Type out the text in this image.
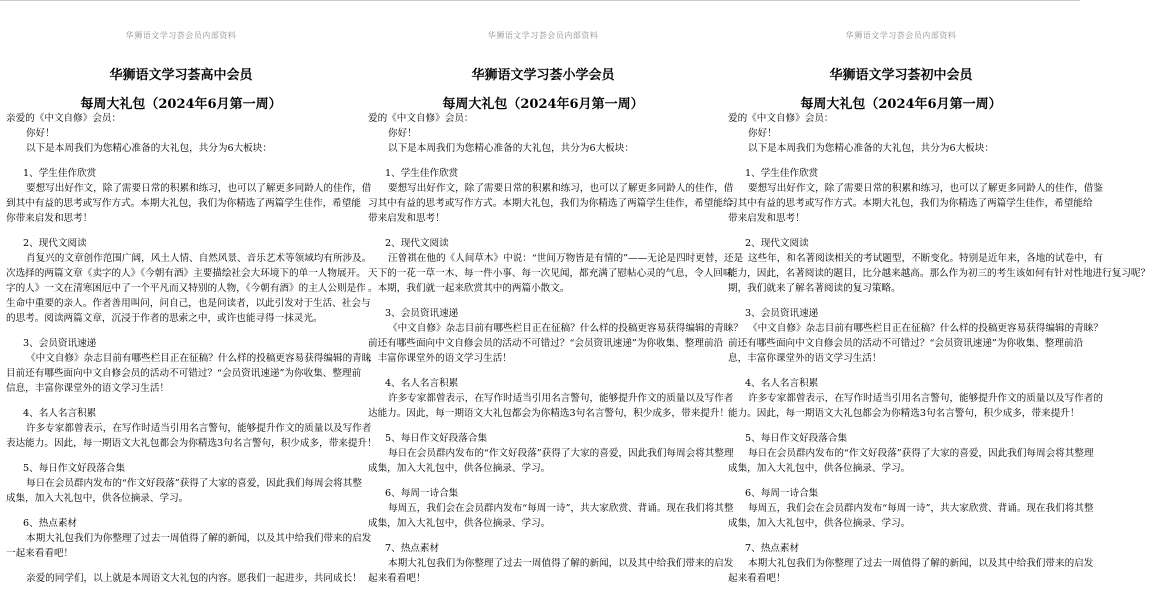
华狮语文学习荟会员内部资料
华狮语文学习荟高中会员
每周大礼包（2024年6月第一周）
亲爱的《中文自修》会员：
你好！
以下是本周我们为您精心准备的大礼包，共分为6大板块：
1、学生佳作欣赏
要想写出好作文，除了需要日常的积累和练习，也可以了解更多同龄人的佳作，借
到其中有益的思考或写作方式。本期大礼包，我们为你精选了两篇学生佳作，希望能
你带来启发和思考！
2、现代文阅读
肖复兴的文章创作范围广阔，风土人情、自然风景、音乐艺术等领域均有所涉及。
次选择的两篇文章《卖字的人》《今朝有酒》主要描绘社会大环境下的单一人物展开。
字的人》一文在清寒困厄中了一个平凡而又特别的人物，《今朝有酒》的主人公则是作
生命中重要的亲人。作者善用叫问，问自己，也是问读者，以此引发对于生活、社会与
的思考。阅读两篇文章，沉浸于作者的思索之中，或许也能寻得一抹灵光。
3、会员资讯速递
《中文自修》杂志目前有哪些栏目正在征稿？什么样的投稿更容易获得编辑的青睐
目前还有哪些面向中文自修会员的活动不可错过？“会员资讯速递”为你收集、整理前
信息，丰富你课堂外的语文学习生活！
4、名人名言积累
许多专家都曾表示，在写作时适当引用名言警句，能够提升作文的质量以及写作者
表达能力。因此，每一期语文大礼包都会为你精选3句名言警句，积少成多，带来提升！
5、每日作文好段落合集
每日在会员群内发布的“作文好段落”获得了大家的喜爱，因此我们每周会将其整
成集，加入大礼包中，供各位摘录、学习。
6、热点素材
本期大礼包我们为你整理了过去一周值得了解的新闻，以及其中给我们带来的启发
一起来看看吧！
亲爱的同学们，以上就是本周语文大礼包的内容。愿我们一起进步，共同成长！
华狮语文学习荟会员内部资料
华狮语文学习荟小学会员
每周大礼包（2024年6月第一周）
爱的《中文自修》会员：
你好！
以下是本周我们为您精心准备的大礼包，共分为6大板块：
1、学生佳作欣赏
要想写出好作文，除了需要日常的积累和练习，也可以了解更多同龄人的佳作，借
习其中有益的思考或写作方式。本期大礼包，我们为你精选了两篇学生佳作，希望能给
带来启发和思考！
2、现代文阅读
汪曾祺在他的《人间草木》中说：“世间万物皆是有情的”——无论是四时更替，还是
天下的一花一草一木、每一件小事、每一次见闻，都充满了慰帖心灵的气息，令人回味
。本期，我们就一起来欣赏其中的两篇小散文。
3、会员资讯速递
《中文自修》杂志目前有哪些栏目正在征稿？什么样的投稿更容易获得编辑的青睐？
前还有哪些面向中文自修会员的活动不可错过？“会员资讯速递”为你收集、整理前沿
，丰富你课堂外的语文学习生活！
4、名人名言积累
许多专家都曾表示，在写作时适当引用名言警句，能够提升作文的质量以及写作者
达能力。因此，每一期语文大礼包都会为你精选3句名言警句，积少成多，带来提升！
5、每日作文好段落合集
每日在会员群内发布的“作文好段落”获得了大家的喜爱，因此我们每周会将其整理
成集，加入大礼包中，供各位摘录、学习。
6、每周一诗合集
每周五，我们会在会员群内发布“每周一诗”，共大家欣赏、背诵。现在我们将其整
成集，加入大礼包中，供各位摘录、学习。
7、热点素材
本期大礼包我们为你整理了过去一周值得了解的新闻，以及其中给我们带来的启发
起来看看吧！
华狮语文学习荟会员内部资料
华狮语文学习荟初中会员
每周大礼包（2024年6月第一周）
爱的《中文自修》会员：
你好！
以下是本周我们为您精心准备的大礼包，共分为6大板块：
1、学生佳作欣赏
要想写出好作文，除了需要日常的积累和练习，也可以了解更多同龄人的佳作，借鉴
习其中有益的思考或写作方式。本期大礼包，我们为你精选了两篇学生佳作，希望能给
带来启发和思考！
2、现代文阅读
这些年，和名著阅读相关的考试题型，不断变化。特别是近年来，各地的试卷中，有
能力，因此，名著阅读的题目，比分越来越高。那么作为初三的考生该如何有针对性地进行复习呢？
期，我们就来了解名著阅读的复习策略。
3、会员资讯速递
《中文自修》杂志目前有哪些栏目正在征稿？什么样的投稿更容易获得编辑的青睐？
前还有哪些面向中文自修会员的活动不可错过？“会员资讯速递”为你收集、整理前沿
息，丰富你课堂外的语文学习生活！
4、名人名言积累
许多专家都曾表示，在写作时适当引用名言警句，能够提升作文的质量以及写作者的
能力。因此，每一期语文大礼包都会为你精选3句名言警句，积少成多，带来提升！
5、每日作文好段落合集
每日在会员群内发布的“作文好段落”获得了大家的喜爱，因此我们每周会将其整理
成集，加入大礼包中，供各位摘录、学习。
6、每周一诗合集
每周五，我们会在会员群内发布“每周一诗”，共大家欣赏、背诵。现在我们将其整
成集，加入大礼包中，供各位摘录、学习。
7、热点素材
本期大礼包我们为你整理了过去一周值得了解的新闻，以及其中给我们带来的启发
起来看看吧！
